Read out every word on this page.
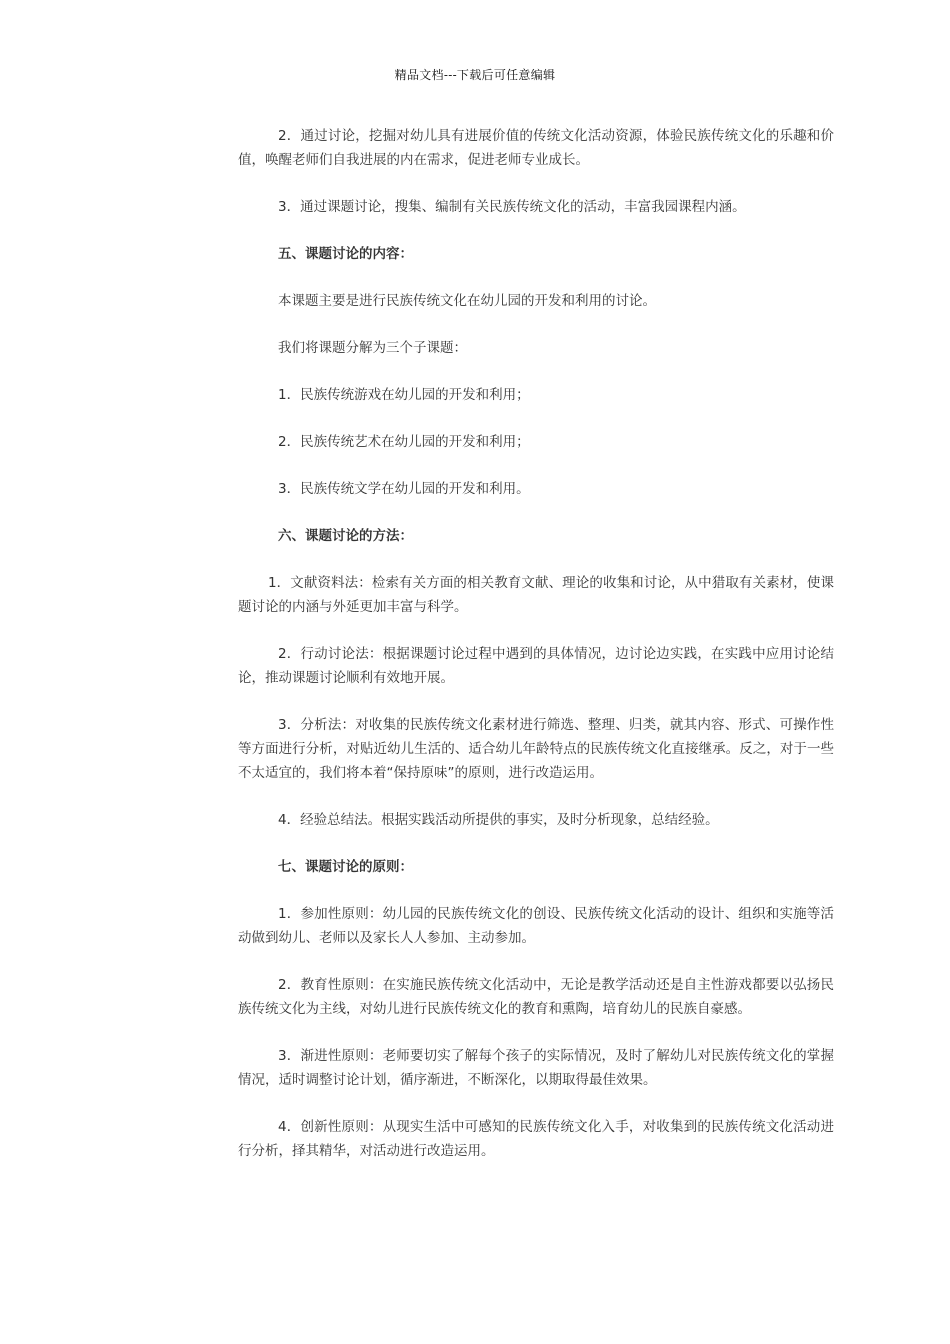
精品文档---下载后可任意编辑

2．通过讨论，挖掘对幼儿具有进展价值的传统文化活动资源，体验民族传统文化的乐趣和价值，唤醒老师们自我进展的内在需求，促进老师专业成长。

3．通过课题讨论，搜集、编制有关民族传统文化的活动，丰富我园课程内涵。

五、课题讨论的内容：

本课题主要是进行民族传统文化在幼儿园的开发和利用的讨论。

我们将课题分解为三个子课题：

1．民族传统游戏在幼儿园的开发和利用；

2．民族传统艺术在幼儿园的开发和利用；

3．民族传统文学在幼儿园的开发和利用。

六、课题讨论的方法：

1．文献资料法：检索有关方面的相关教育文献、理论的收集和讨论，从中猎取有关素材，使课题讨论的内涵与外延更加丰富与科学。

2．行动讨论法：根据课题讨论过程中遇到的具体情况，边讨论边实践，在实践中应用讨论结论，推动课题讨论顺利有效地开展。

3．分析法：对收集的民族传统文化素材进行筛选、整理、归类，就其内容、形式、可操作性等方面进行分析，对贴近幼儿生活的、适合幼儿年龄特点的民族传统文化直接继承。反之，对于一些不太适宜的，我们将本着“保持原味”的原则，进行改造运用。

4．经验总结法。根据实践活动所提供的事实，及时分析现象，总结经验。

七、课题讨论的原则：

1．参加性原则：幼儿园的民族传统文化的创设、民族传统文化活动的设计、组织和实施等活动做到幼儿、老师以及家长人人参加、主动参加。

2．教育性原则：在实施民族传统文化活动中，无论是教学活动还是自主性游戏都要以弘扬民族传统文化为主线，对幼儿进行民族传统文化的教育和熏陶，培育幼儿的民族自豪感。

3．渐进性原则：老师要切实了解每个孩子的实际情况，及时了解幼儿对民族传统文化的掌握情况，适时调整讨论计划，循序渐进，不断深化，以期取得最佳效果。

4．创新性原则：从现实生活中可感知的民族传统文化入手，对收集到的民族传统文化活动进行分析，择其精华，对活动进行改造运用。
